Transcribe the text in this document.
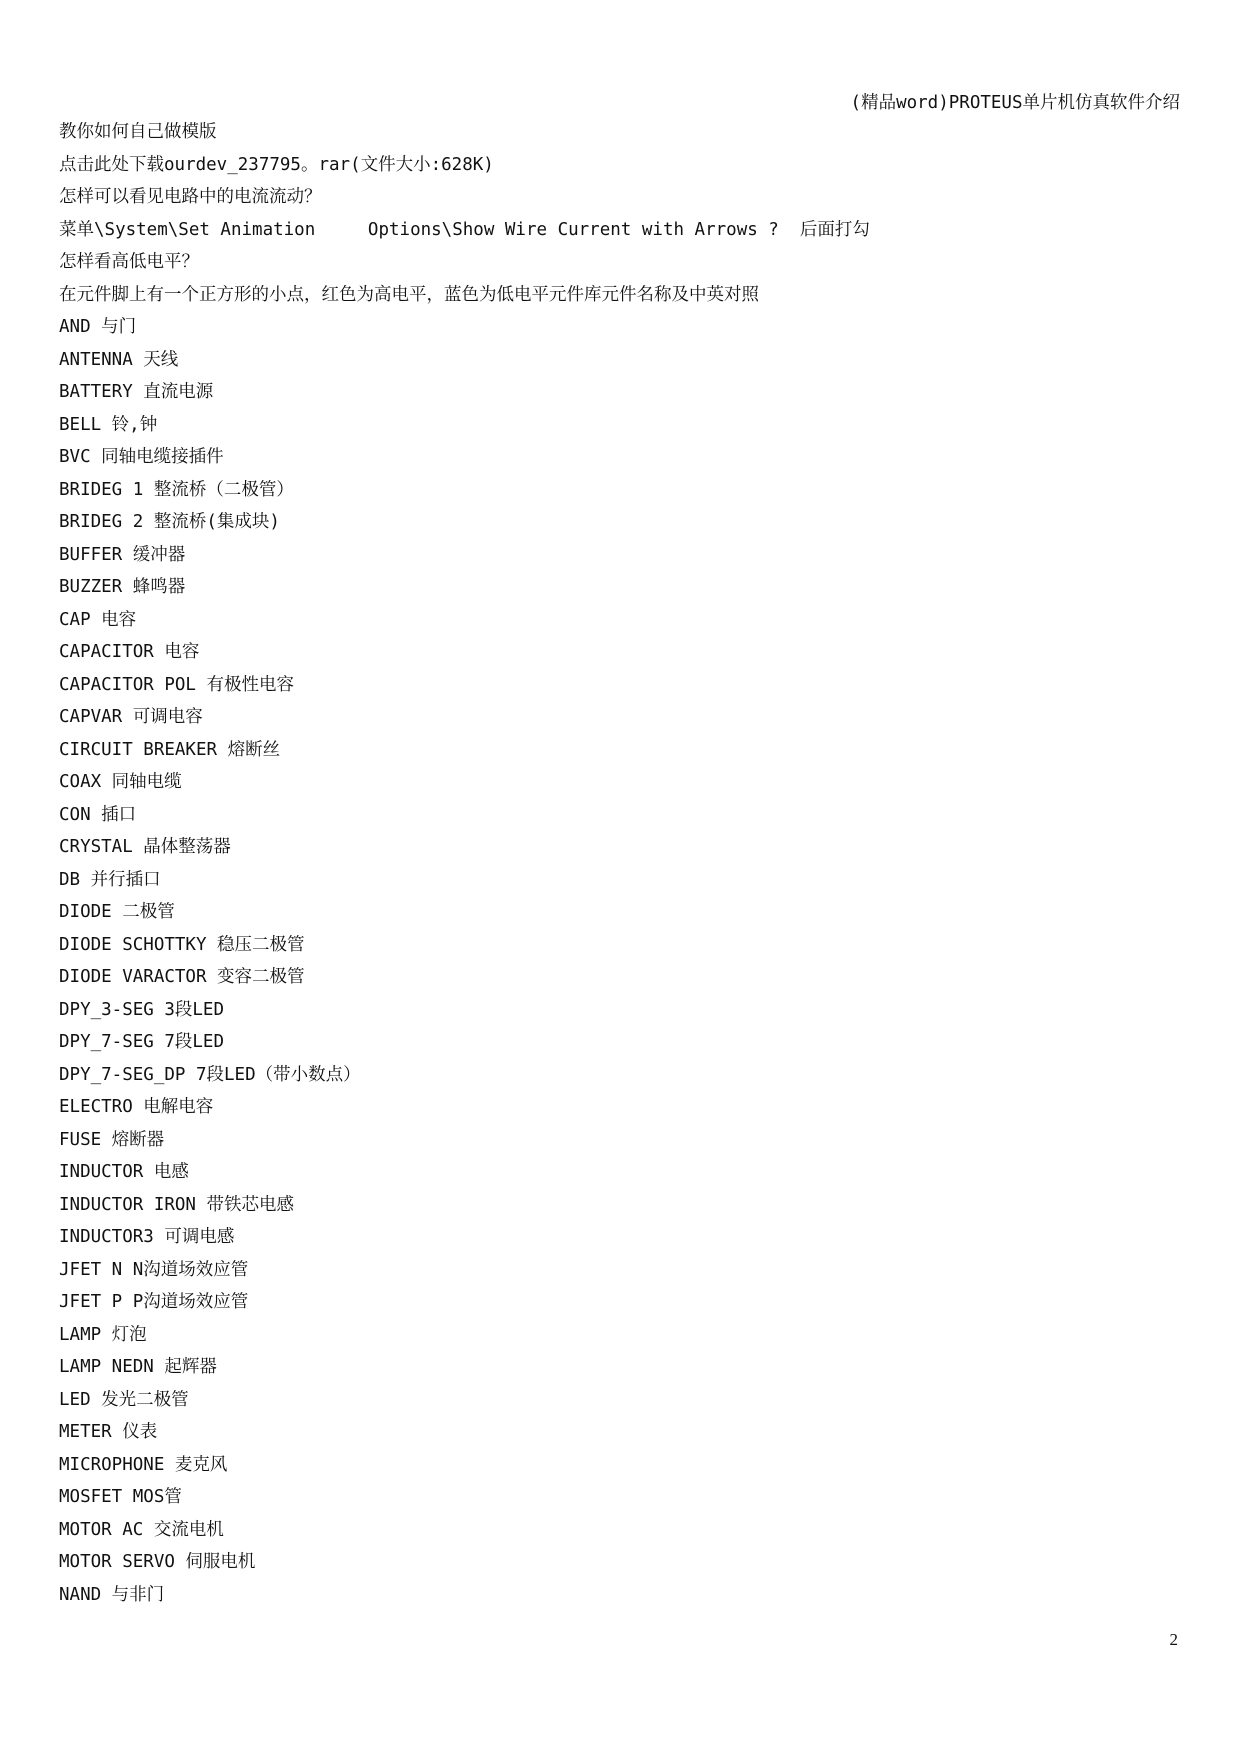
(精品word)PROTEUS单片机仿真软件介绍
教你如何自己做模版
点击此处下载ourdev_237795。rar(文件大小:628K)
怎样可以看见电路中的电流流动？
菜单\System\Set Animation     Options\Show Wire Current with Arrows ?  后面打勾
怎样看高低电平？
在元件脚上有一个正方形的小点，红色为高电平，蓝色为低电平元件库元件名称及中英对照
AND 与门
ANTENNA 天线
BATTERY 直流电源
BELL 铃,钟
BVC 同轴电缆接插件
BRIDEG 1 整流桥（二极管）
BRIDEG 2 整流桥(集成块)
BUFFER 缓冲器
BUZZER 蜂鸣器
CAP 电容
CAPACITOR 电容
CAPACITOR POL 有极性电容
CAPVAR 可调电容
CIRCUIT BREAKER 熔断丝
COAX 同轴电缆
CON 插口
CRYSTAL 晶体整荡器
DB 并行插口
DIODE 二极管
DIODE SCHOTTKY 稳压二极管
DIODE VARACTOR 变容二极管
DPY_3-SEG 3段LED
DPY_7-SEG 7段LED
DPY_7-SEG_DP 7段LED（带小数点）
ELECTRO 电解电容
FUSE 熔断器
INDUCTOR 电感
INDUCTOR IRON 带铁芯电感
INDUCTOR3 可调电感
JFET N N沟道场效应管
JFET P P沟道场效应管
LAMP 灯泡
LAMP NEDN 起辉器
LED 发光二极管
METER 仪表
MICROPHONE 麦克风
MOSFET MOS管
MOTOR AC 交流电机
MOTOR SERVO 伺服电机
NAND 与非门
2
